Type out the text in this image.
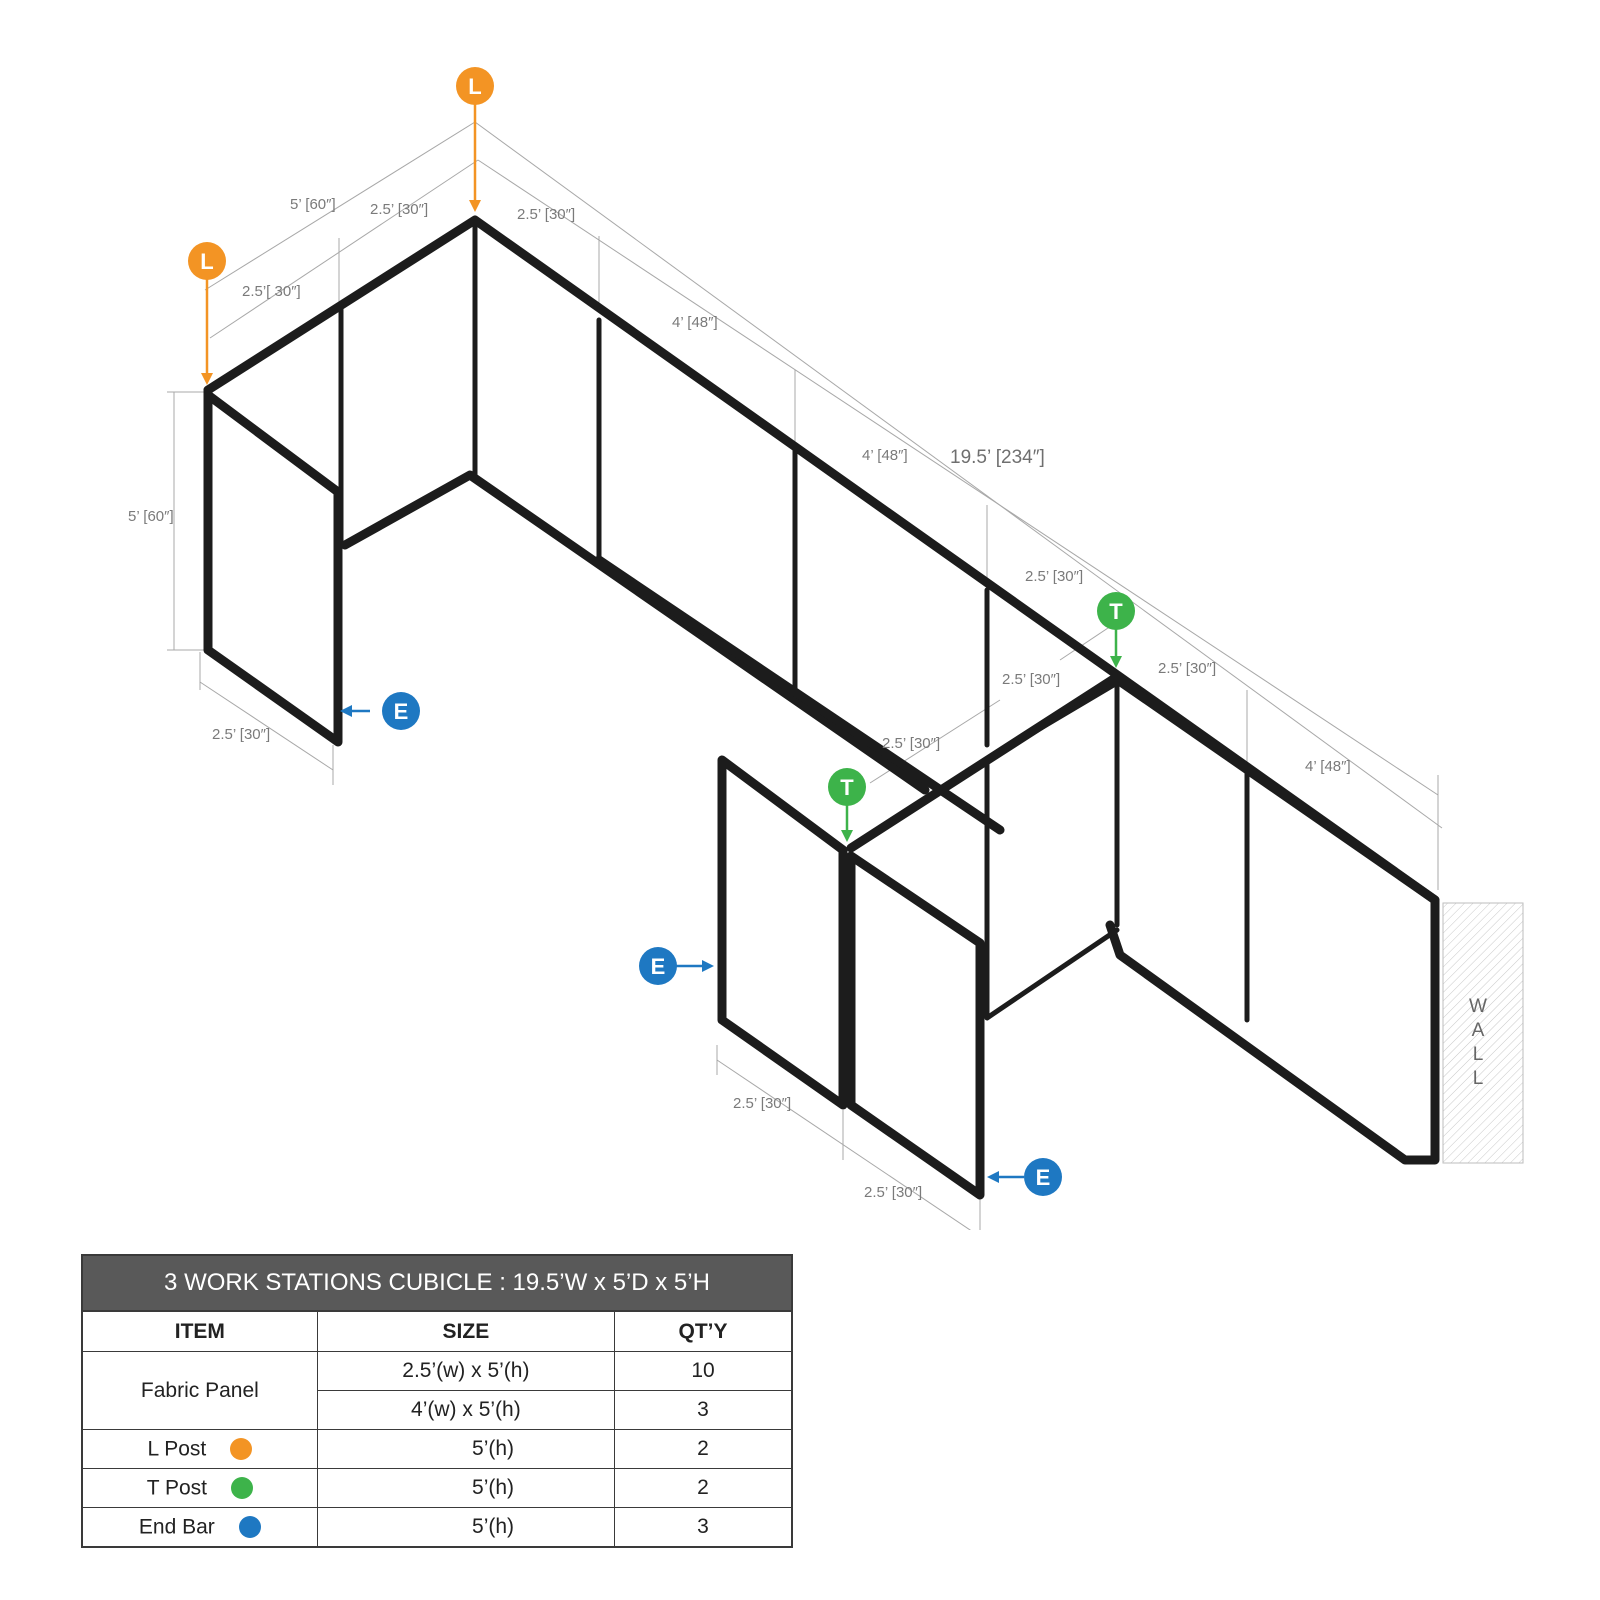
W
A
L
L
5’ [60″] 2.5’ [30″]	2.5’ [30″]
2.5’[ 30″]
5’ [60″]
2.5’ [30″]
4’ [48″]
4’ [48″] 19.5’ [234″]
2.5’ [30″]
2.5’ [30″]
2.5’ [30″]
2.5’ [30″]
4’ [48″]
2.5’ [30″]
2.5’ [30″]
L
L
T
T
E
E
E
3 WORK STATIONS CUBICLE : 19.5’W x 5’D x 5’H
ITEM	SIZE	QT’Y
Fabric Panel	2.5’(w) x 5’(h)	10
	4’(w) x 5’(h)	3
L Post	5’(h)	2
T Post	5’(h)	2
End Bar	5’(h)	3
